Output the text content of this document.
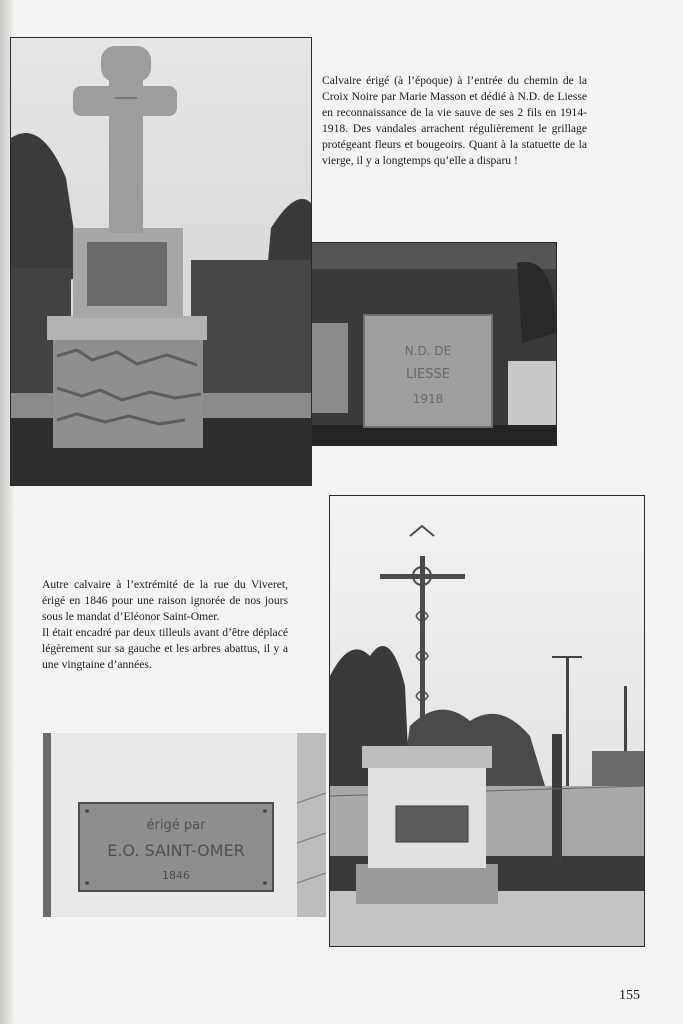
N.D. DE
LIESSE
1918

Calvaire érigé (à l’époque) à l’entrée du chemin de la Croix Noire par Marie Masson et dédié à N.D. de Liesse en reconnaissance de la vie sauve de ses 2 fils en 1914-1918. Des vandales arrachent régulièrement le grillage protégeant fleurs et bougeoirs. Quant à la statuette de la vierge, il y a longtemps qu’elle a disparu !

Autre calvaire à l’extrémité de la rue du Viveret, érigé en 1846 pour une raison ignorée de nos jours sous le mandat d’Eléonor Saint-Omer.

Il était encadré par deux tilleuls avant d’être déplacé légèrement sur sa gauche et les arbres abattus, il y a une vingtaine d’années.

érigé par
E.O. SAINT-OMER
1846
155
